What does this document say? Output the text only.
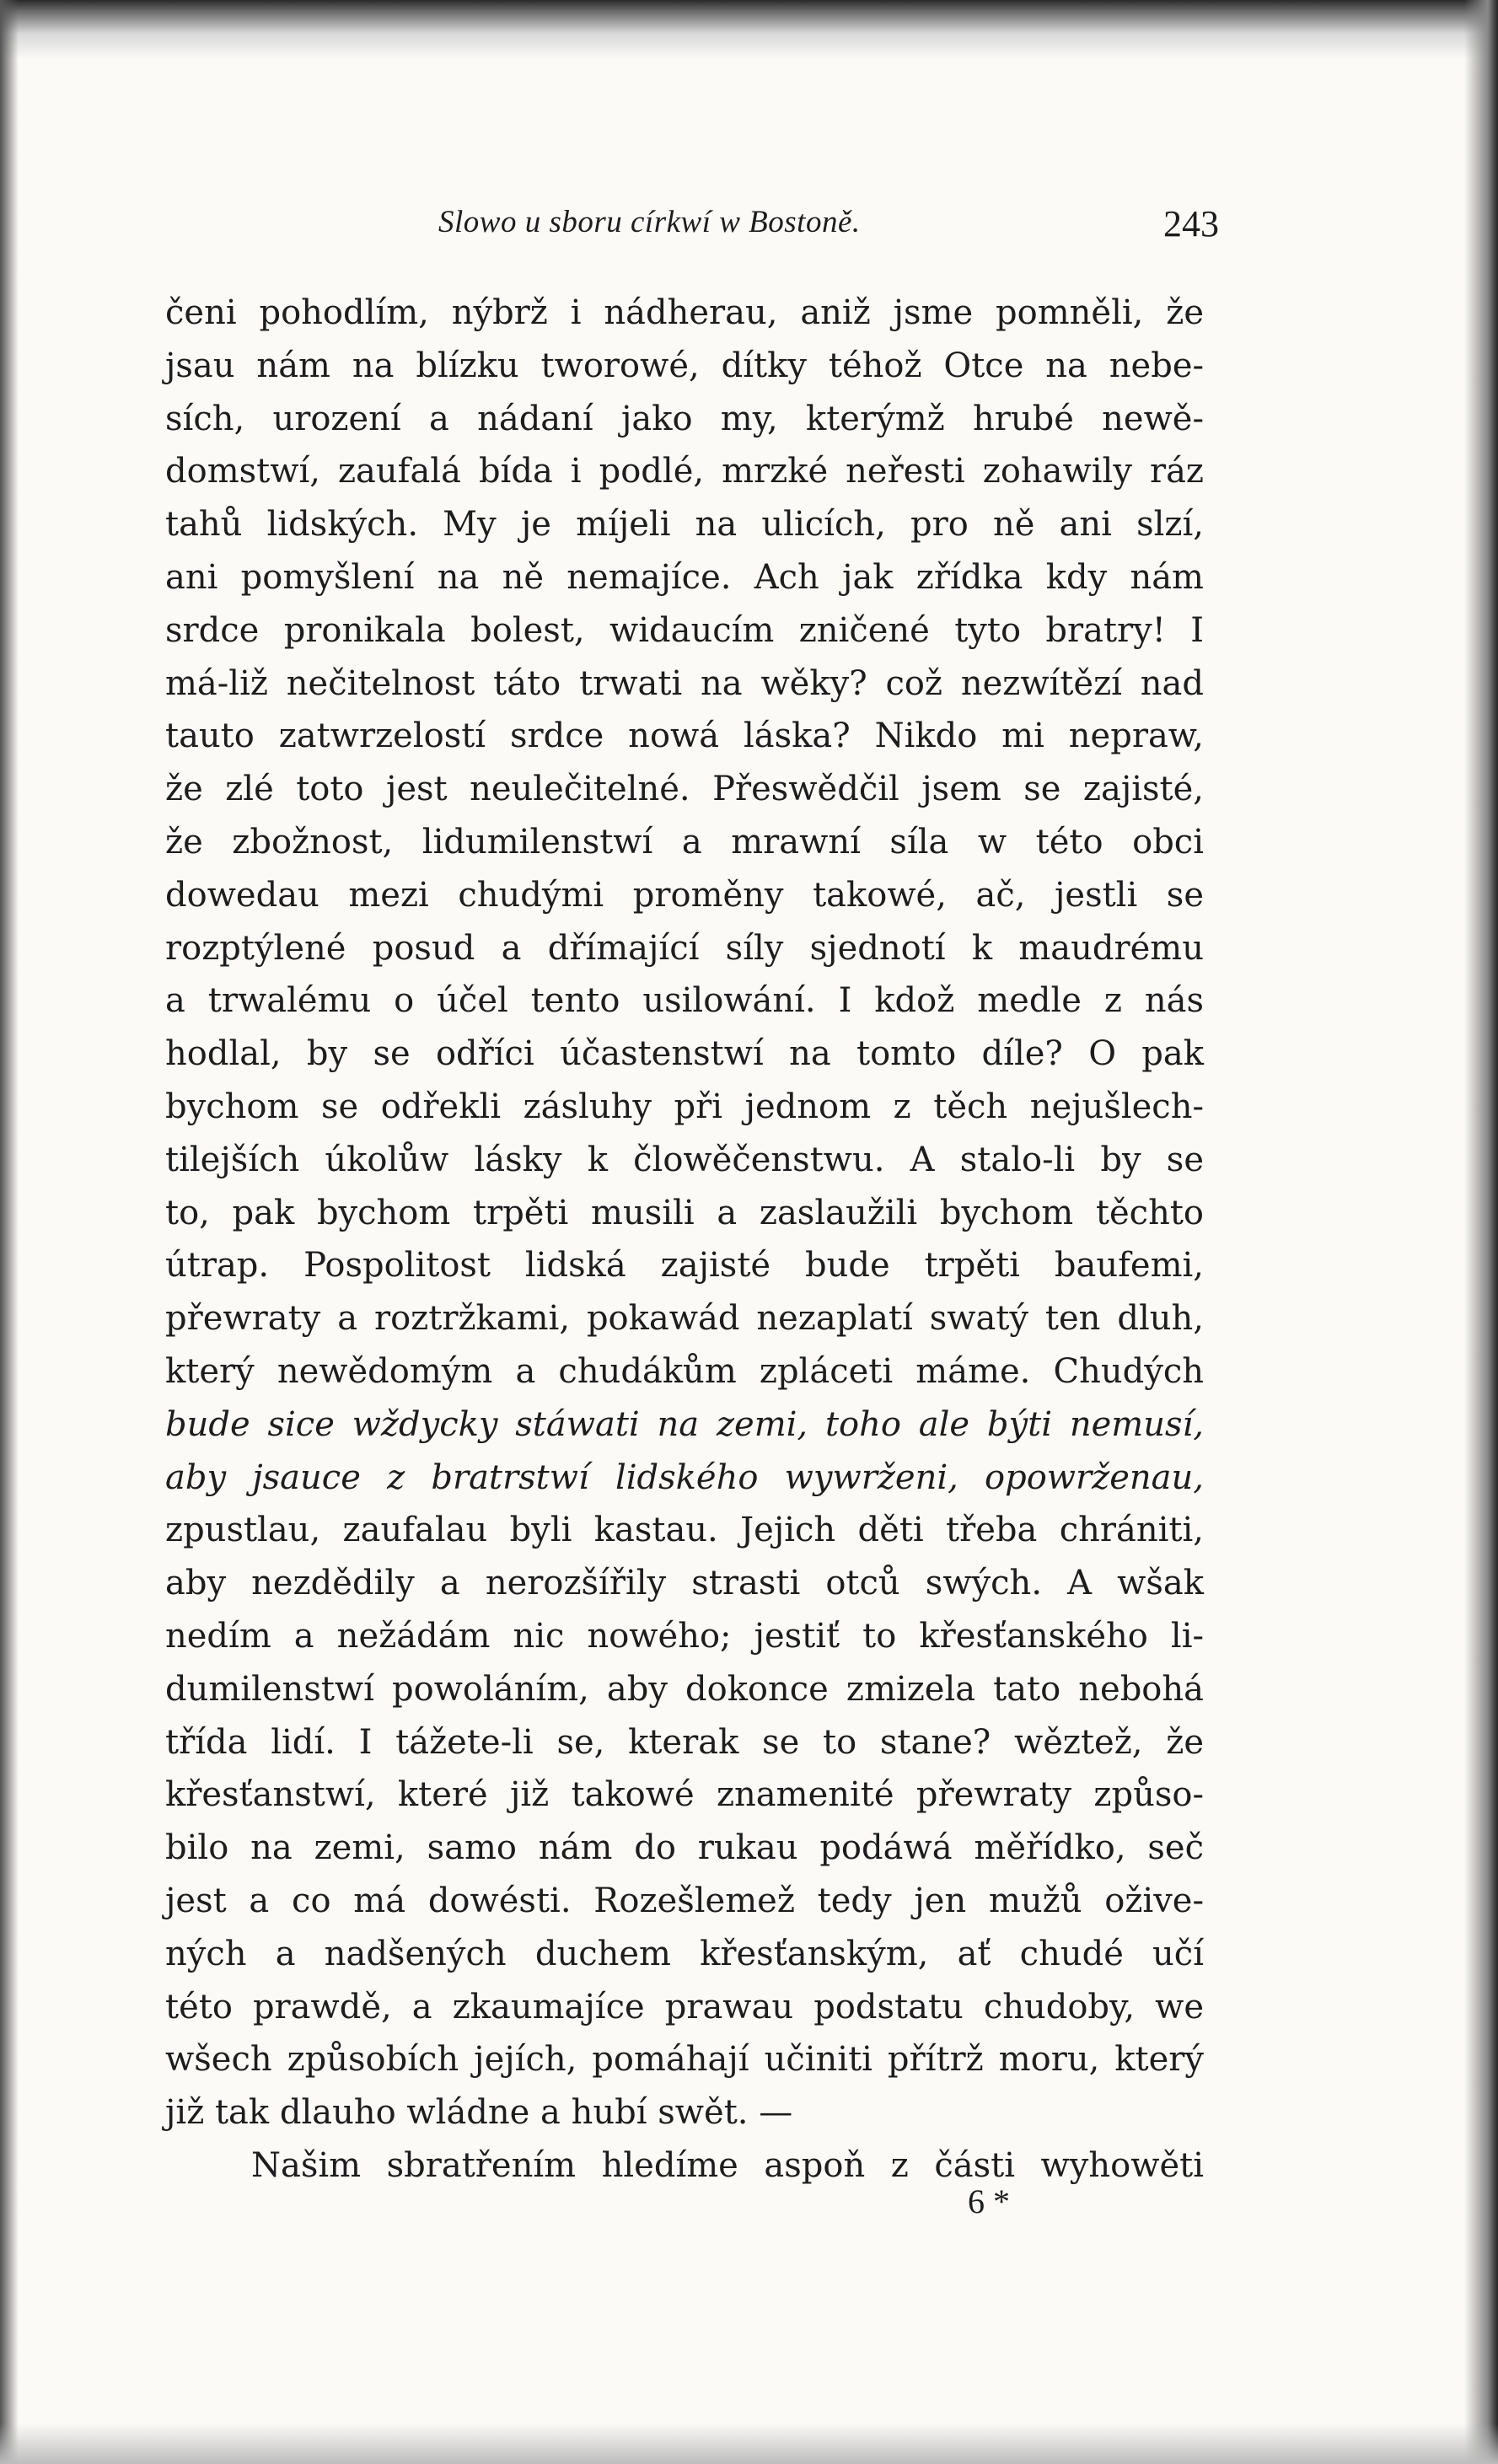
Slowo u sboru církwí w Bostoně.	243
čeni pohodlím, nýbrž i nádherau, aniž jsme pomněli, že
jsau nám na blízku tworowé, dítky téhož Otce na nebe-
sích, urození a nádaní jako my, kterýmž hrubé newě-
domstwí, zaufalá bída i podlé, mrzké neřesti zohawily ráz
tahů lidských. My je míjeli na ulicích, pro ně ani slzí,
ani pomyšlení na ně nemajíce. Ach jak zřídka kdy nám
srdce pronikala bolest, widaucím zničené tyto bratry! I
má-liž nečitelnost táto trwati na wěky? což nezwítězí nad
tauto zatwrzelostí srdce nowá láska? Nikdo mi nepraw,
že zlé toto jest neulečitelné. Přeswědčil jsem se zajisté,
že zbožnost, lidumilenstwí a mrawní síla w této obci
dowedau mezi chudými proměny takowé, ač, jestli se
rozptýlené posud a dřímající síly sjednotí k maudrému
a trwalému o účel tento usilowání. I kdož medle z nás
hodlal, by se odříci účastenstwí na tomto díle? O pak
bychom se odřekli zásluhy při jednom z těch nejušlech-
tilejších úkolůw lásky k člowěčenstwu. A stalo-li by se
to, pak bychom trpěti musili a zaslaužili bychom těchto
útrap. Pospolitost lidská zajisté bude trpěti baufemi,
přewraty a roztržkami, pokawád nezaplatí swatý ten dluh,
který newědomým a chudákům zpláceti máme. Chudých
bude sice wždycky stáwati na zemi, toho ale býti nemusí,
aby jsauce z bratrstwí lidského wywrženi, opowrženau,
zpustlau, zaufalau byli kastau. Jejich děti třeba chrániti,
aby nezdědily a nerozšířily strasti otců swých. A wšak
nedím a nežádám nic nowého; jestiť to křesťanského li-
dumilenstwí powoláním, aby dokonce zmizela tato nebohá
třída lidí. I tážete-li se, kterak se to stane? wěztež, že
křesťanstwí, které již takowé znamenité přewraty způso-
bilo na zemi, samo nám do rukau podáwá měřídko, seč
jest a co má dowésti. Rozešlemež tedy jen mužů ožive-
ných a nadšených duchem křesťanským, ať chudé učí
této prawdě, a zkaumajíce prawau podstatu chudoby, we
wšech způsobích jejích, pomáhají učiniti přítrž moru, který
již tak dlauho wládne a hubí swět. —
Našim sbratřením hledíme aspoň z části wyhowěti
6 *
